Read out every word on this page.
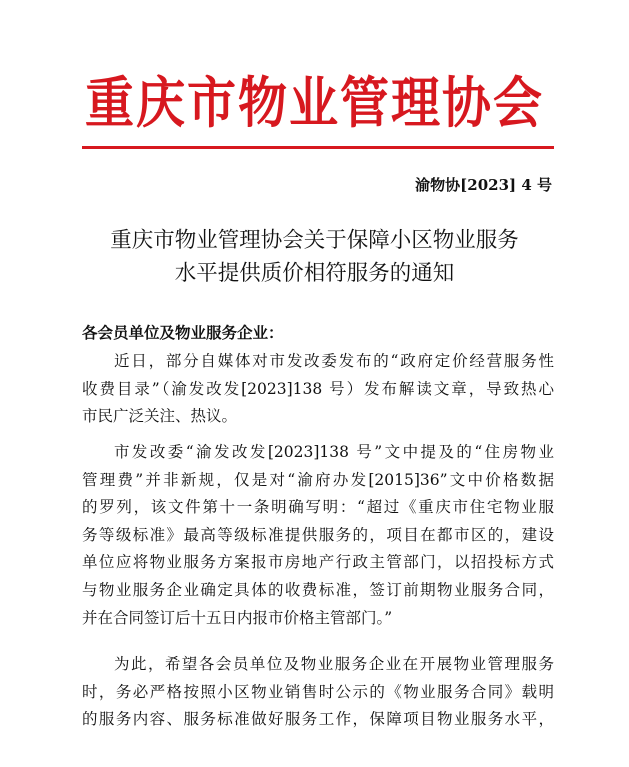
重庆市物业管理协会
渝物协[2023] 4 号
重庆市物业管理协会关于保障小区物业服务
水平提供质价相符服务的通知
各会员单位及物业服务企业：
近日，部分自媒体对市发改委发布的“政府定价经营服务性
收费目录”（渝发改发[2023]138 号）发布解读文章，导致热心
市民广泛关注、热议。
市发改委“渝发改发[2023]138 号”文中提及的“住房物业
管理费”并非新规，仅是对“渝府办发[2015]36”文中价格数据
的罗列，该文件第十一条明确写明：“超过《重庆市住宅物业服
务等级标准》最高等级标准提供服务的，项目在都市区的，建设
单位应将物业服务方案报市房地产行政主管部门，以招投标方式
与物业服务企业确定具体的收费标准，签订前期物业服务合同，
并在合同签订后十五日内报市价格主管部门。”
为此，希望各会员单位及物业服务企业在开展物业管理服务
时，务必严格按照小区物业销售时公示的《物业服务合同》载明
的服务内容、服务标准做好服务工作，保障项目物业服务水平，
